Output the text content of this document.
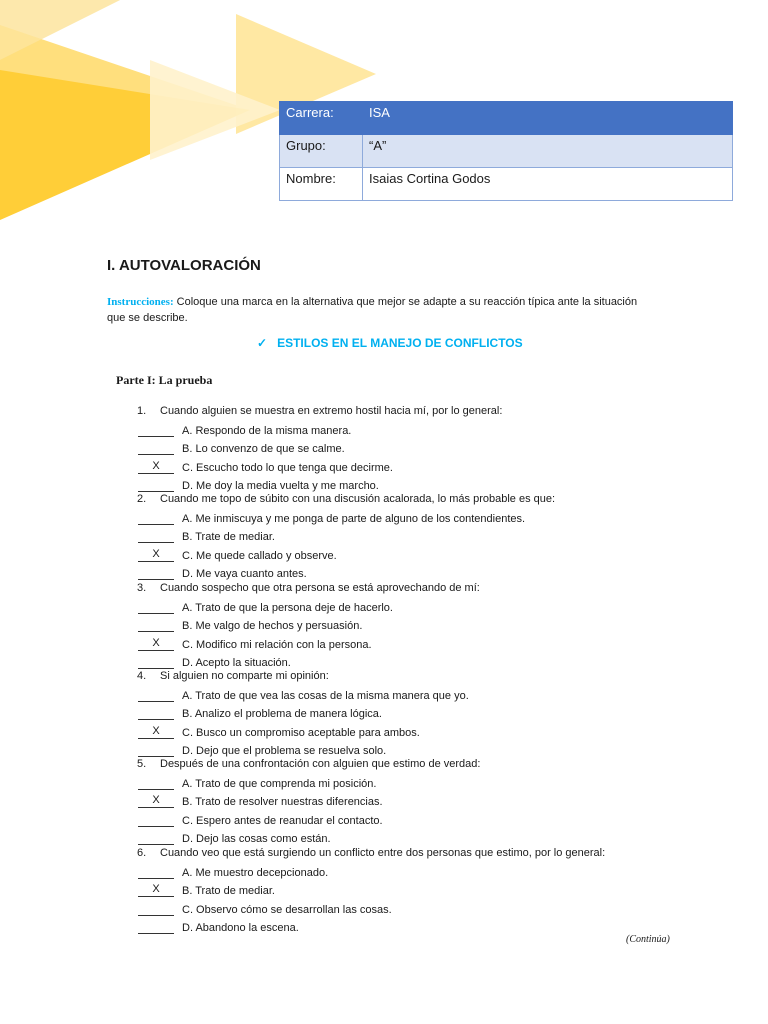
Carrera:	ISA
Grupo:	“A”
Nombre:	Isaias Cortina Godos
I. AUTOVALORACIÓN
Instrucciones: Coloque una marca en la alternativa que mejor se adapte a su reacción típica ante la situación que se describe.
✓ ESTILOS EN EL MANEJO DE CONFLICTOS
Parte I: La prueba
1. Cuando alguien se muestra en extremo hostil hacia mí, por lo general:
A. Respondo de la misma manera.
B. Lo convenzo de que se calme.
X	C. Escucho todo lo que tenga que decirme.
D. Me doy la media vuelta y me marcho.
2. Cuando me topo de súbito con una discusión acalorada, lo más probable es que:
A. Me inmiscuya y me ponga de parte de alguno de los contendientes.
B. Trate de mediar.
X	C. Me quede callado y observe.
D. Me vaya cuanto antes.
3. Cuando sospecho que otra persona se está aprovechando de mí:
A. Trato de que la persona deje de hacerlo.
B. Me valgo de hechos y persuasión.
X	C. Modifico mi relación con la persona.
D. Acepto la situación.
4. Si alguien no comparte mi opinión:
A. Trato de que vea las cosas de la misma manera que yo.
B. Analizo el problema de manera lógica.
X	C. Busco un compromiso aceptable para ambos.
D. Dejo que el problema se resuelva solo.
5. Después de una confrontación con alguien que estimo de verdad:
A. Trato de que comprenda mi posición.
X	B. Trato de resolver nuestras diferencias.
C. Espero antes de reanudar el contacto.
D. Dejo las cosas como están.
6. Cuando veo que está surgiendo un conflicto entre dos personas que estimo, por lo general:
A. Me muestro decepcionado.
X	B. Trato de mediar.
C. Observo cómo se desarrollan las cosas.
D. Abandono la escena.
(Continúa)
